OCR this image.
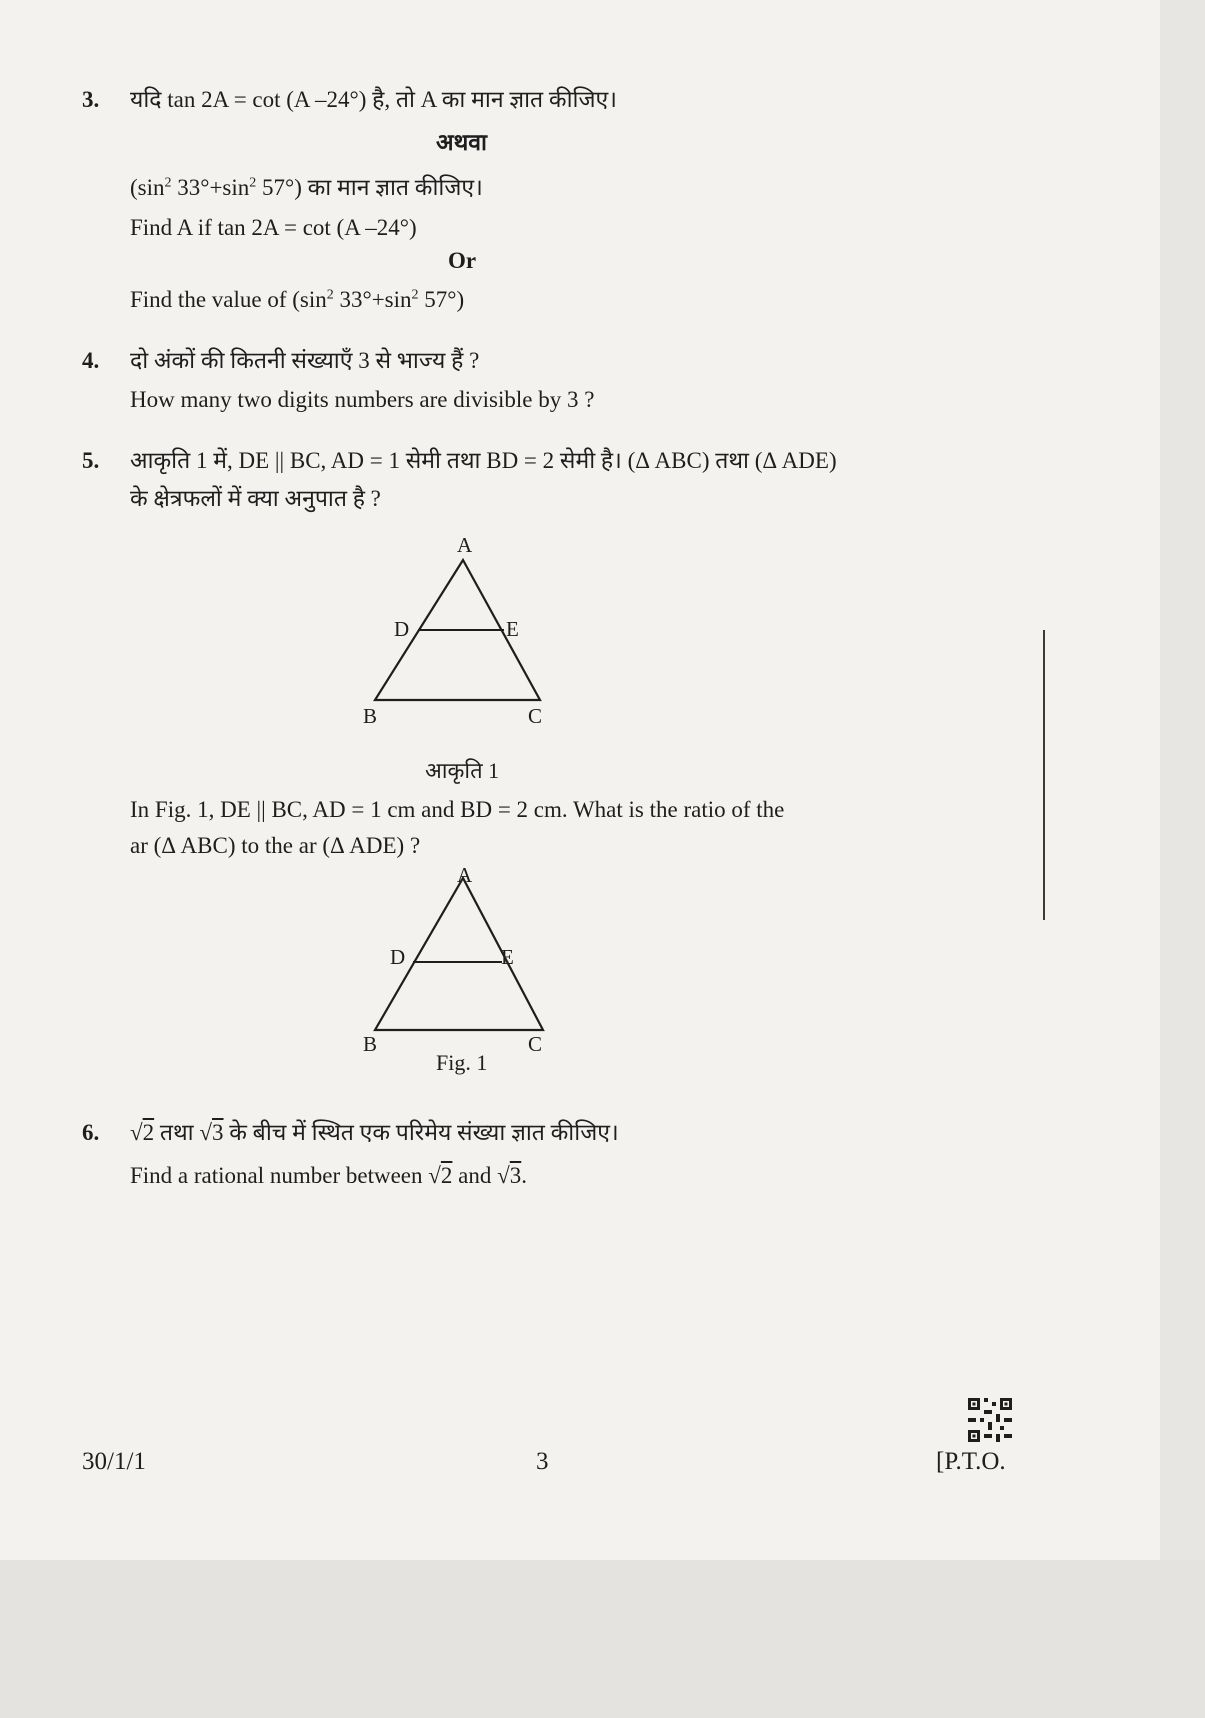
3. यदि tan 2A = cot (A –24°) है, तो A का मान ज्ञात कीजिए।
अथवा
($\sin^2$ $33^\circ+\sin^2$ 57°) का मान ज्ञात कीजिए।
Find A if tan 2A = cot (A –24°)
Or
Find the value of ($\sin^2$ $33^\circ+\sin^2$ 57°)
4. दो अंकों की कितनी संख्याएँ 3 से भाज्य हैं ?
How many two digits numbers are divisible by 3 ?
5. आकृति 1 में, DE || BC, AD = 1 सेमी तथा BD = 2 सेमी है। (Δ ABC) तथा (Δ ADE)
के क्षेत्रफलों में क्या अनुपात है ?
A
D	E
B	C
आकृति 1
In Fig. 1, DE || BC, AD = 1 cm and BD = 2 cm. What is the ratio of the
ar (Δ ABC) to the ar (Δ ADE) ?
A
D	E
B	C
Fig. 1
6. √2 तथा √3 के बीच में स्थित एक परिमेय संख्या ज्ञात कीजिए।
Find a rational number between √2 and √3.
30/1/1	3	[P.T.O.
